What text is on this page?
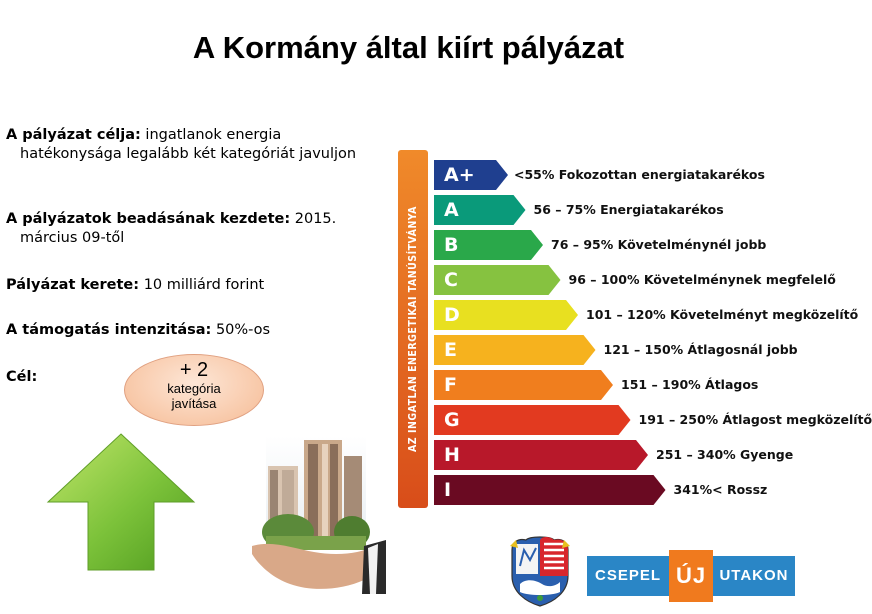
A Kormány által kiírt pályázat
A pályázat célja: ingatlanok energia
hatékonysága legalább két kategóriát javuljon
A pályázatok beadásának kezdete: 2015.
március 09-től
Pályázat kerete: 10 milliárd forint
A támogatás intenzitása: 50%-os
Cél:	+ 2
kategória
javítása	AZ INGATLAN ENERGETIKAI TANÚSÍTVÁNYA
A+	<55% Fokozottan energiatakarékos
A	56 – 75% Energiatakarékos
B	76 – 95% Követelménynél jobb
C	96 – 100% Követelménynek megfelelő
D	101 – 120% Követelményt megközelítő
E	121 – 150% Átlagosnál jobb
F	151 – 190% Átlagos
G	191 – 250% Átlagost megközelítő
H	251 – 340% Gyenge
I	341%< Rossz
CSEPEL ÚJ UTAKON
